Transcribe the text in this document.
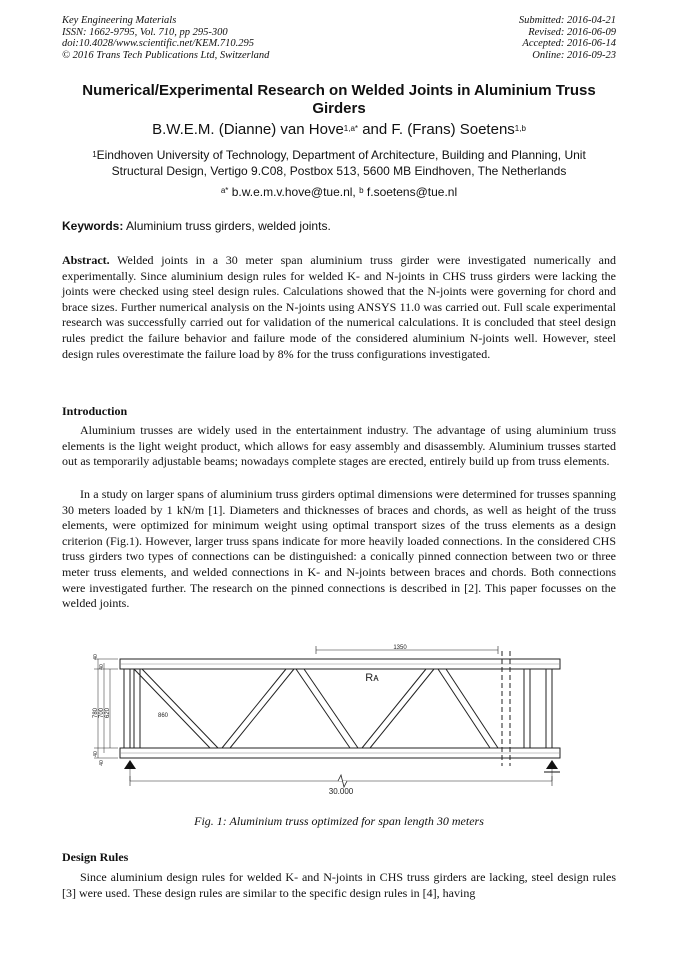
Key Engineering Materials
ISSN: 1662-9795, Vol. 710, pp 295-300
doi:10.4028/www.scientific.net/KEM.710.295
© 2016 Trans Tech Publications Ltd, Switzerland
Submitted: 2016-04-21
Revised: 2016-06-09
Accepted: 2016-06-14
Online: 2016-09-23
Numerical/Experimental Research on Welded Joints in Aluminium Truss Girders
B.W.E.M. (Dianne) van Hove$^{1,a*}$ and F. (Frans) Soetens$^{1,b}$
$^1$Eindhoven University of Technology, Department of Architecture, Building and Planning, Unit Structural Design, Vertigo 9.C08, Postbox 513, 5600 MB Eindhoven, The Netherlands
$^{a*}$ b.w.e.m.v.hove@tue.nl, $^b$ f.soetens@tue.nl
Keywords: Aluminium truss girders, welded joints.
Abstract. Welded joints in a 30 meter span aluminium truss girder were investigated numerically and experimentally. Since aluminium design rules for welded K- and N-joints in CHS truss girders were lacking the joints were checked using steel design rules. Calculations showed that the N-joints were governing for chord and brace sizes. Further numerical analysis on the N-joints using ANSYS 11.0 was carried out. Full scale experimental research was successfully carried out for validation of the numerical calculations. It is concluded that steel design rules predict the failure behavior and failure mode of the considered aluminium N-joints well. However, steel design rules overestimate the failure load by 8% for the truss configurations investigated.
Introduction
Aluminium trusses are widely used in the entertainment industry. The advantage of using aluminium truss elements is the light weight product, which allows for easy assembly and disassembly. Aluminium trusses started out as temporarily adjustable beams; nowadays complete stages are erected, entirely build up from truss elements.
In a study on larger spans of aluminium truss girders optimal dimensions were determined for trusses spanning 30 meters loaded by 1 kN/m [1]. Diameters and thicknesses of braces and chords, as well as height of the truss elements, were optimized for minimum weight using optimal transport sizes of the truss elements as a design criterion (Fig.1). However, larger truss spans indicate for more heavily loaded connections. In the considered CHS truss girders two types of connections can be distinguished: a conically pinned connection between two or three meter truss elements, and welded connections in K- and N-joints between braces and chords. Both connections were investigated further. The research on the pinned connections is described in [2]. This paper focusses on the welded joints.
1350
Rᴀ
860
30.000
780 700 620
40
40
40
40
Fig. 1: Aluminium truss optimized for span length 30 meters
Design Rules
Since aluminium design rules for welded K- and N-joints in CHS truss girders are lacking, steel design rules [3] were used. These design rules are similar to the specific design rules in [4], having
